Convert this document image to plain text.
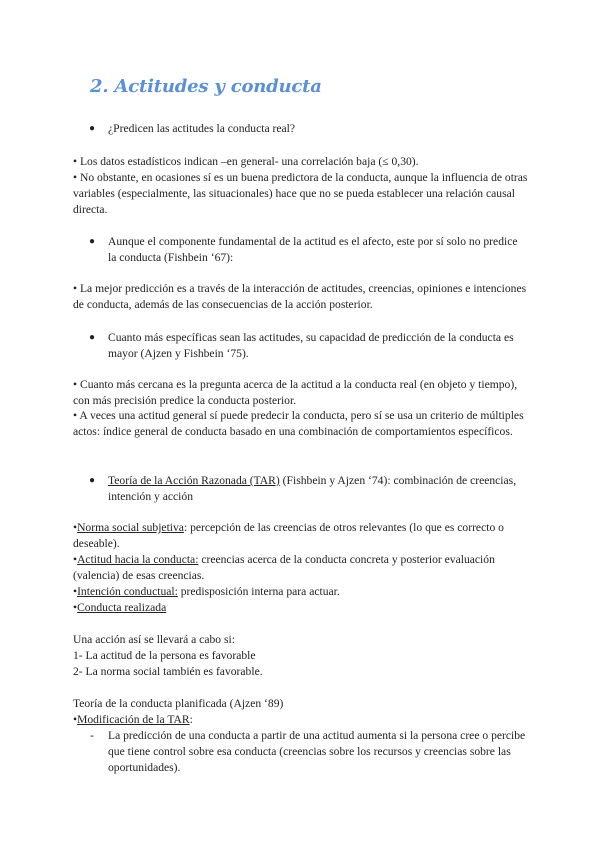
2. Actitudes y conducta
● ¿Predicen las actitudes la conducta real?

• Los datos estadísticos indican –en general- una correlación baja (≤ 0,30).

• No obstante, en ocasiones sí es un buena predictora de la conducta, aunque la influencia de otras variables (especialmente, las situacionales) hace que no se pueda establecer una relación causal directa.

● Aunque el componente fundamental de la actitud es el afecto, este por sí solo no predice la conducta (Fishbein ‘67):

• La mejor predicción es a través de la interacción de actitudes, creencias, opiniones e intenciones de conducta, además de las consecuencias de la acción posterior.

● Cuanto más específicas sean las actitudes, su capacidad de predicción de la conducta es mayor (Ajzen y Fishbein ‘75).

• Cuanto más cercana es la pregunta acerca de la actitud a la conducta real (en objeto y tiempo), con más precisión predice la conducta posterior.

• A veces una actitud general sí puede predecir la conducta, pero sí se usa un criterio de múltiples actos: índice general de conducta basado en una combinación de comportamientos específicos.

● Teoría de la Acción Razonada (TAR) (Fishbein y Ajzen ‘74): combinación de creencias, intención y acción

•Norma social subjetiva: percepción de las creencias de otros relevantes (lo que es correcto o deseable).

•Actitud hacia la conducta: creencias acerca de la conducta concreta y posterior evaluación (valencia) de esas creencias.

•Intención conductual: predisposición interna para actuar.

•Conducta realizada

Una acción así se llevará a cabo si:

1- La actitud de la persona es favorable

2- La norma social también es favorable.

Teoría de la conducta planificada (Ajzen ‘89)

•Modificación de la TAR:

- La predicción de una conducta a partir de una actitud aumenta si la persona cree o percibe que tiene control sobre esa conducta (creencias sobre los recursos y creencias sobre las oportunidades).
